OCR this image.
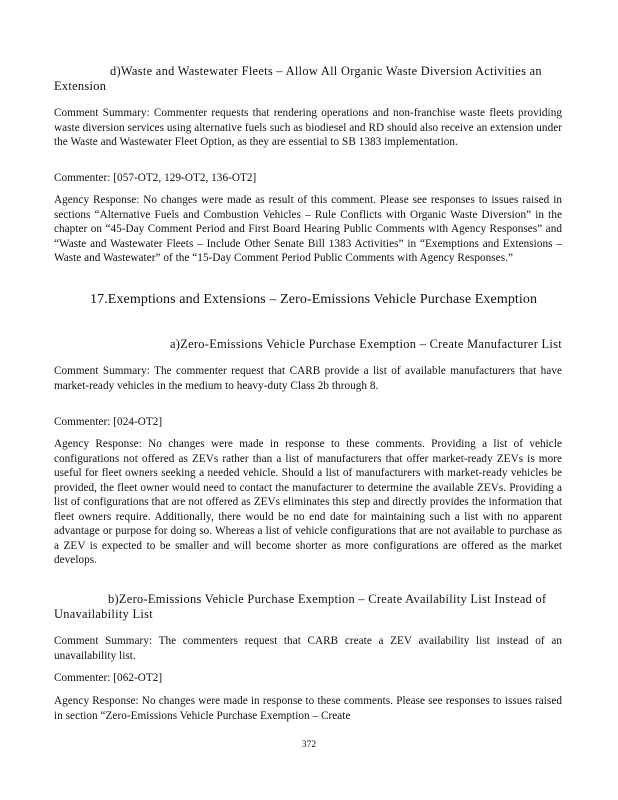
d)Waste and Wastewater Fleets – Allow All Organic Waste Diversion Activities an Extension

Comment Summary: Commenter requests that rendering operations and non-franchise waste fleets providing waste diversion services using alternative fuels such as biodiesel and RD should also receive an extension under the Waste and Wastewater Fleet Option, as they are essential to SB 1383 implementation.

Commenter: [057-OT2, 129-OT2, 136-OT2]

Agency Response: No changes were made as result of this comment. Please see responses to issues raised in sections “Alternative Fuels and Combustion Vehicles – Rule Conflicts with Organic Waste Diversion” in the chapter on “45-Day Comment Period and First Board Hearing Public Comments with Agency Responses” and “Waste and Wastewater Fleets – Include Other Senate Bill 1383 Activities” in “Exemptions and Extensions – Waste and Wastewater” of the “15-Day Comment Period Public Comments with Agency Responses.”

17.Exemptions and Extensions – Zero-Emissions Vehicle Purchase Exemption

a)Zero-Emissions Vehicle Purchase Exemption – Create Manufacturer List

Comment Summary: The commenter request that CARB provide a list of available manufacturers that have market-ready vehicles in the medium to heavy-duty Class 2b through 8.

Commenter: [024-OT2]

Agency Response: No changes were made in response to these comments. Providing a list of vehicle configurations not offered as ZEVs rather than a list of manufacturers that offer market-ready ZEVs is more useful for fleet owners seeking a needed vehicle. Should a list of manufacturers with market-ready vehicles be provided, the fleet owner would need to contact the manufacturer to determine the available ZEVs. Providing a list of configurations that are not offered as ZEVs eliminates this step and directly provides the information that fleet owners require. Additionally, there would be no end date for maintaining such a list with no apparent advantage or purpose for doing so. Whereas a list of vehicle configurations that are not available to purchase as a ZEV is expected to be smaller and will become shorter as more configurations are offered as the market develops.

b)Zero-Emissions Vehicle Purchase Exemption – Create Availability List Instead of Unavailability List

Comment Summary: The commenters request that CARB create a ZEV availability list instead of an unavailability list.

Commenter: [062-OT2]

Agency Response: No changes were made in response to these comments. Please see responses to issues raised in section “Zero-Emissions Vehicle Purchase Exemption – Create

372
